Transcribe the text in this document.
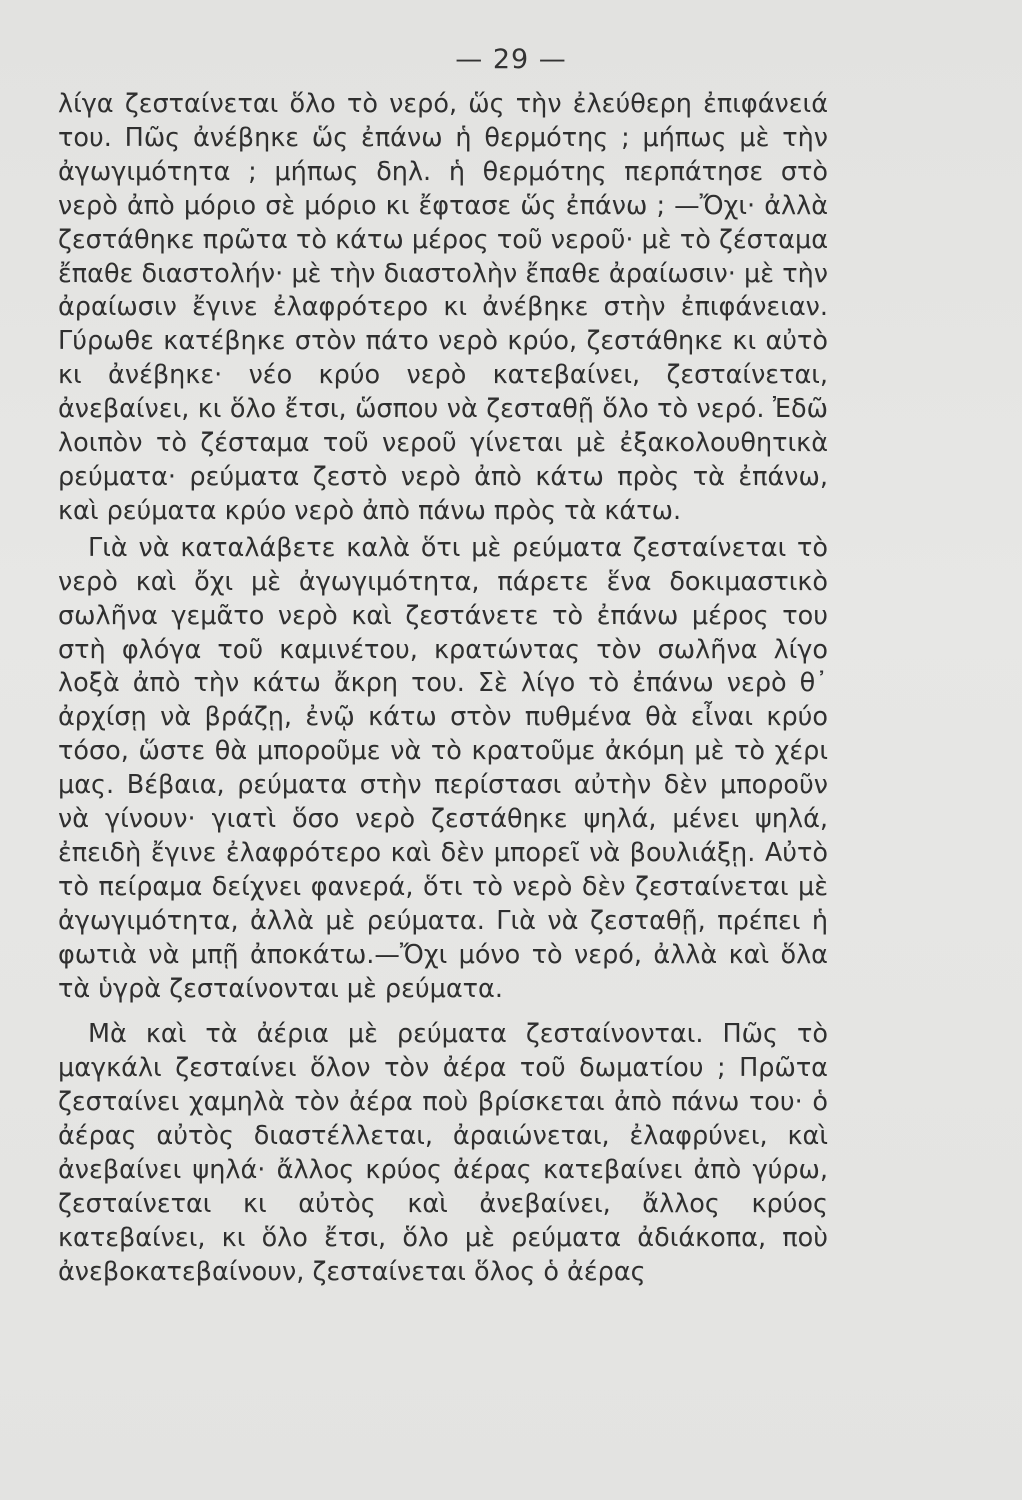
— 29 —

λίγα ζεσταίνεται ὅλο τὸ νερό, ὥς τὴν ἐλεύθερη ἐπιφάνειά του. Πῶς ἀνέβηκε ὥς ἐπάνω ἡ θερμότης ; μήπως μὲ τὴν ἀγωγιμότητα ; μήπως δηλ. ἡ θερμότης περπάτησε στὸ νερὸ ἀπὸ μόριο σὲ μόριο κι ἔφτασε ὥς ἐπάνω ; —Ὄχι· ἀλλὰ ζεστάθηκε πρῶτα τὸ κάτω μέρος τοῦ νεροῦ· μὲ τὸ ζέσταμα ἔπαθε διαστολήν· μὲ τὴν διαστολὴν ἔπαθε ἀραίωσιν· μὲ τὴν ἀραίωσιν ἔγινε ἐλαφρότερο κι ἀνέβηκε στὴν ἐπιφάνειαν. Γύρωθε κατέβηκε στὸν πάτο νερὸ κρύο, ζεστάθηκε κι αὐτὸ κι ἀνέβηκε· νέο κρύο νερὸ κατεβαίνει, ζεσταίνεται, ἀνεβαίνει, κι ὅλο ἔτσι, ὥσπου νὰ ζεσταθῇ ὅλο τὸ νερό. Ἐδῶ λοιπὸν τὸ ζέσταμα τοῦ νεροῦ γίνεται μὲ ἐξακολουθητικὰ ρεύματα· ρεύματα ζεστὸ νερὸ ἀπὸ κάτω πρὸς τὰ ἐπάνω, καὶ ρεύματα κρύο νερὸ ἀπὸ πάνω πρὸς τὰ κάτω.

Γιὰ νὰ καταλάβετε καλὰ ὅτι μὲ ρεύματα ζεσταίνεται τὸ νερὸ καὶ ὄχι μὲ ἀγωγιμότητα, πάρετε ἕνα δοκιμαστικὸ σωλῆνα γεμᾶτο νερὸ καὶ ζεστάνετε τὸ ἐπάνω μέρος του στὴ φλόγα τοῦ καμινέτου, κρατώντας τὸν σωλῆνα λίγο λοξὰ ἀπὸ τὴν κάτω ἄκρη του. Σὲ λίγο τὸ ἐπάνω νερὸ θ᾿ ἀρχίσῃ νὰ βράζῃ, ἐνῷ κάτω στὸν πυθμένα θὰ εἶναι κρύο τόσο, ὥστε θὰ μποροῦμε νὰ τὸ κρατοῦμε ἀκόμη μὲ τὸ χέρι μας. Βέβαια, ρεύματα στὴν περίστασι αὐτὴν δὲν μποροῦν νὰ γίνουν· γιατὶ ὅσο νερὸ ζεστάθηκε ψηλά, μένει ψηλά, ἐπειδὴ ἔγινε ἐλαφρότερο καὶ δὲν μπορεῖ νὰ βουλιάξῃ. Αὐτὸ τὸ πείραμα δείχνει φανερά, ὅτι τὸ νερὸ δὲν ζεσταίνεται μὲ ἀγωγιμότητα, ἀλλὰ μὲ ρεύματα. Γιὰ νὰ ζεσταθῇ, πρέπει ἡ φωτιὰ νὰ μπῇ ἀποκάτω.—Ὄχι μόνο τὸ νερό, ἀλλὰ καὶ ὅλα τὰ ὑγρὰ ζεσταίνονται μὲ ρεύματα.

Μὰ καὶ τὰ ἀέρια μὲ ρεύματα ζεσταίνονται. Πῶς τὸ μαγκάλι ζεσταίνει ὅλον τὸν ἀέρα τοῦ δωματίου ; Πρῶτα ζεσταίνει χαμηλὰ τὸν ἀέρα ποὺ βρίσκεται ἀπὸ πάνω του· ὁ ἀέρας αὐτὸς διαστέλλεται, ἀραιώνεται, ἐλαφρύνει, καὶ ἀνεβαίνει ψηλά· ἄλλος κρύος ἀέρας κατεβαίνει ἀπὸ γύρω, ζεσταίνεται κι αὐτὸς καὶ ἀνεβαίνει, ἄλλος κρύος κατεβαίνει, κι ὅλο ἔτσι, ὅλο μὲ ρεύματα ἀδιάκοπα, ποὺ ἀνεβοκατεβαίνουν, ζεσταίνεται ὅλος ὁ ἀέρας
